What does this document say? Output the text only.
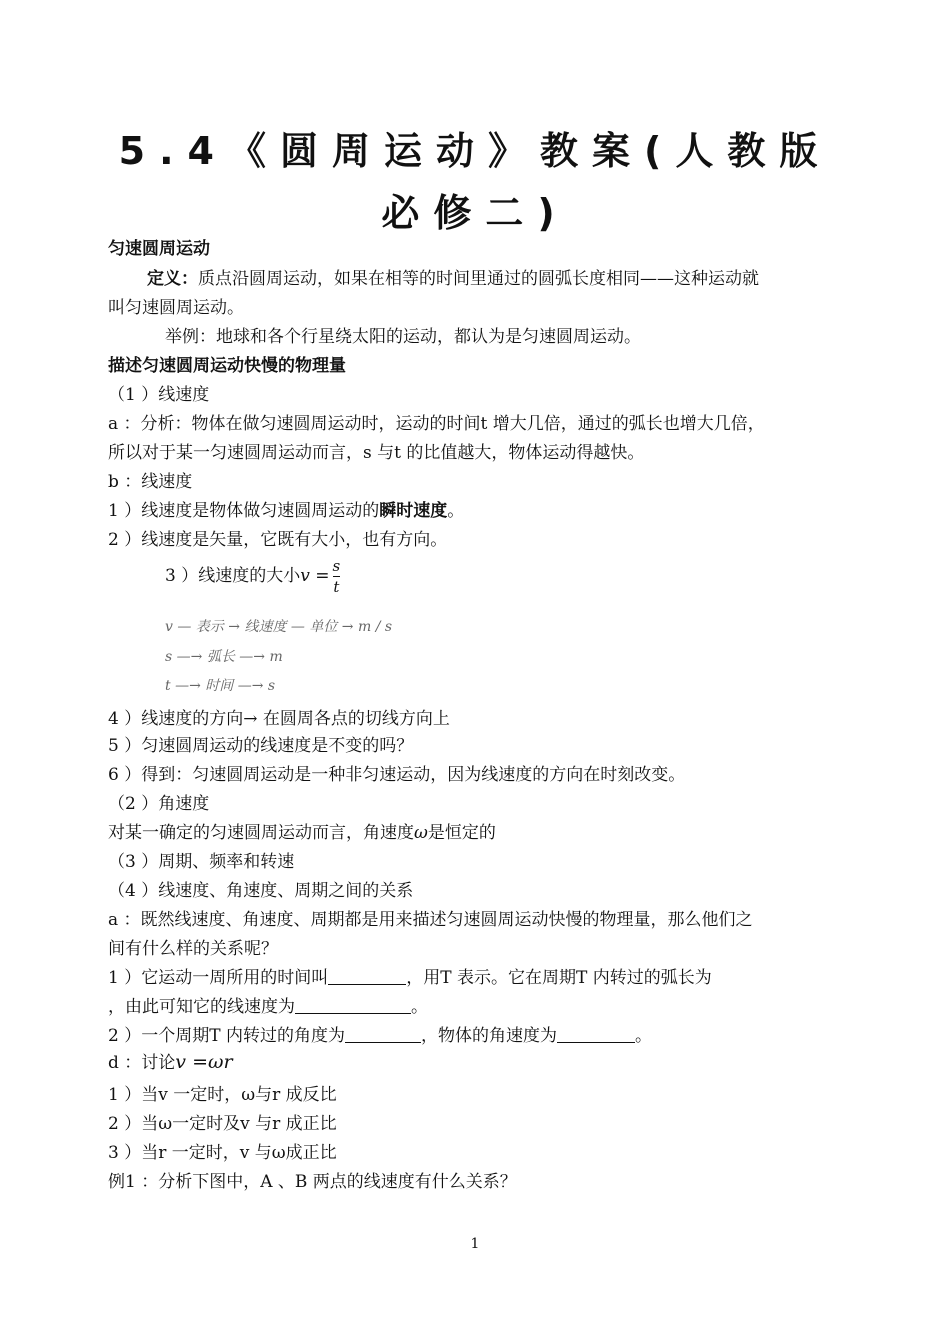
5.4《圆周运动》教案(人教版
必修二)
匀速圆周运动
定义：质点沿圆周运动，如果在相等的时间里通过的圆弧长度相同——这种运动就
叫匀速圆周运动。
举例：地球和各个行星绕太阳的运动，都认为是匀速圆周运动。
描述匀速圆周运动快慢的物理量
（1 ）线速度
a ：分析：物体在做匀速圆周运动时，运动的时间t 增大几倍，通过的弧长也增大几倍，
所以对于某一匀速圆周运动而言，s 与t 的比值越大，物体运动得越快。
b ：线速度
1 ）线速度是物体做匀速圆周运动的瞬时速度。
2 ）线速度是矢量，它既有大小，也有方向。
3 ）线速度的大小$v = \frac{s}{t}$
v — 表示 → 线速度 — 单位 → m / s
s —→ 弧长 —→ m
t —→ 时间 —→ s
4 ）线速度的方向→ 在圆周各点的切线方向上
5 ）匀速圆周运动的线速度是不变的吗？
6 ）得到：匀速圆周运动是一种非匀速运动，因为线速度的方向在时刻改变。
（2 ）角速度
对某一确定的匀速圆周运动而言，角速度ω是恒定的
（3 ）周期、频率和转速
（4 ）线速度、角速度、周期之间的关系
a ：既然线速度、角速度、周期都是用来描述匀速圆周运动快慢的物理量，那么他们之
间有什么样的关系呢？
1 ）它运动一周所用的时间叫	，用T 表示。它在周期T 内转过的弧长为
，由此可知它的线速度为	。
2 ）一个周期T 内转过的角度为	，物体的角速度为	。
d ：讨论v =ωr
1 ）当v 一定时，ω与r 成反比
2 ）当ω一定时及v 与r 成正比
3 ）当r 一定时，v 与ω成正比
例1 ：分析下图中，A 、B 两点的线速度有什么关系？
1
